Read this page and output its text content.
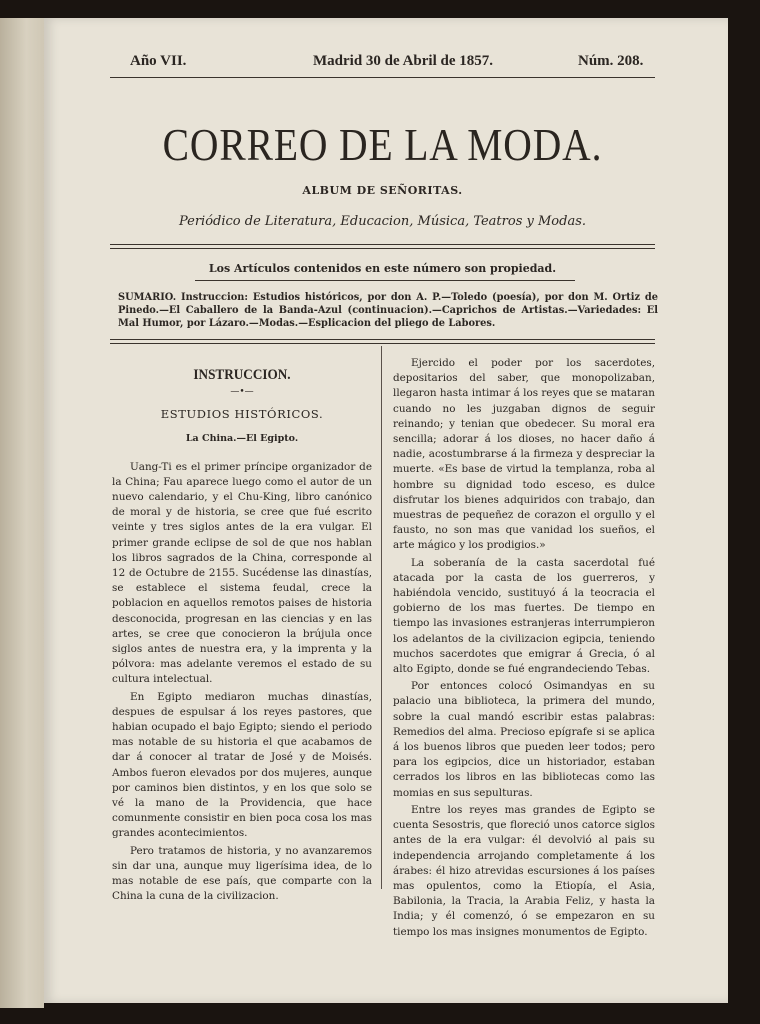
Año VII.	Madrid 30 de Abril de 1857.	Núm. 208.
CORREO DE LA MODA.
ALBUM DE SEÑORITAS.
Periódico de Literatura, Educacion, Música, Teatros y Modas.
Los Artículos contenidos en este número son propiedad.
SUMARIO. Instruccion: Estudios históricos, por don A. P.—Toledo (poesía), por don M. Ortiz de Pinedo.—El Caballero de la Banda-Azul (continuacion).—Caprichos de Artistas.—Variedades: El Mal Humor, por Lázaro.—Modas.—Esplicacion del pliego de Labores.
INSTRUCCION.
—•—
ESTUDIOS HISTÓRICOS.
La China.—El Egipto.

Uang-Ti es el primer príncipe organizador de la China; Fau aparece luego como el autor de un nuevo calendario, y el Chu-King, libro canónico de moral y de historia, se cree que fué escrito veinte y tres siglos antes de la era vulgar. El primer grande eclipse de sol de que nos hablan los libros sagrados de la China, corresponde al 12 de Octubre de 2155. Sucédense las dinastías, se establece el sistema feudal, crece la poblacion en aquellos remotos paises de historia desconocida, progresan en las ciencias y en las artes, se cree que conocieron la brújula once siglos antes de nuestra era, y la imprenta y la pólvora: mas adelante veremos el estado de su cultura intelectual.

En Egipto mediaron muchas dinastías, despues de espulsar á los reyes pastores, que habian ocupado el bajo Egipto; siendo el periodo mas notable de su historia el que acabamos de dar á conocer al tratar de José y de Moisés. Ambos fueron elevados por dos mujeres, aunque por caminos bien distintos, y en los que solo se vé la mano de la Providencia, que hace comunmente consistir en bien poca cosa los mas grandes acontecimientos.

Pero tratamos de historia, y no avanzaremos sin dar una, aunque muy ligerísima idea, de lo mas notable de ese país, que comparte con la China la cuna de la civilizacion.

Ejercido el poder por los sacerdotes, depositarios del saber, que monopolizaban, llegaron hasta intimar á los reyes que se mataran cuando no les juzgaban dignos de seguir reinando; y tenian que obedecer. Su moral era sencilla; adorar á los dioses, no hacer daño á nadie, acostumbrarse á la firmeza y despreciar la muerte. «Es base de virtud la templanza, roba al hombre su dignidad todo esceso, es dulce disfrutar los bienes adquiridos con trabajo, dan muestras de pequeñez de corazon el orgullo y el fausto, no son mas que vanidad los sueños, el arte mágico y los prodigios.»

La soberanía de la casta sacerdotal fué atacada por la casta de los guerreros, y habiéndola vencido, sustituyó á la teocracia el gobierno de los mas fuertes. De tiempo en tiempo las invasiones estranjeras interrumpieron los adelantos de la civilizacion egipcia, teniendo muchos sacerdotes que emigrar á Grecia, ó al alto Egipto, donde se fué engrandeciendo Tebas.

Por entonces colocó Osimandyas en su palacio una biblioteca, la primera del mundo, sobre la cual mandó escribir estas palabras: Remedios del alma. Precioso epígrafe si se aplica á los buenos libros que pueden leer todos; pero para los egipcios, dice un historiador, estaban cerrados los libros en las bibliotecas como las momias en sus sepulturas.

Entre los reyes mas grandes de Egipto se cuenta Sesostris, que floreció unos catorce siglos antes de la era vulgar: él devolvió al pais su independencia arrojando completamente á los árabes: él hizo atrevidas escursiones á los países mas opulentos, como la Etiopía, el Asia, Babilonia, la Tracia, la Arabia Feliz, y hasta la India; y él comenzó, ó se empezaron en su tiempo los mas insignes monumentos de Egipto.
